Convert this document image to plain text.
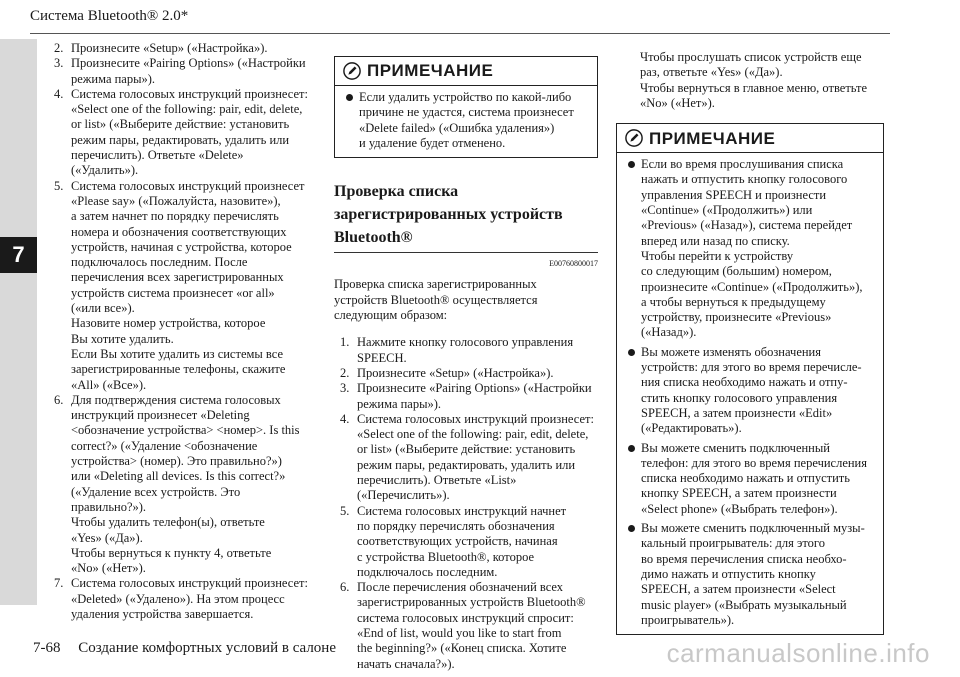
Система Bluetooth® 2.0*
7
2. Произнесите «Setup» («Настройка»).
3. Произнесите «Pairing Options» («Настройки
режима пары»).
4. Система голосовых инструкций произнесет:
«Select one of the following: pair, edit, delete,
or list» («Выберите действие: установить
режим пары, редактировать, удалить или
перечислить). Ответьте «Delete»
(«Удалить»).
5. Система голосовых инструкций произнесет
«Please say» («Пожалуйста, назовите»),
а затем начнет по порядку перечислять
номера и обозначения соответствующих
устройств, начиная с устройства, которое
подключалось последним. После
перечисления всех зарегистрированных
устройств система произнесет «or all»
(«или все»).
Назовите номер устройства, которое
Вы хотите удалить.
Если Вы хотите удалить из системы все
зарегистрированные телефоны, скажите
«All» («Все»).
6. Для подтверждения система голосовых
инструкций произнесет «Deleting
<обозначение устройства> <номер>. Is this
correct?» («Удаление <обозначение
устройства> (номер). Это правильно?»)
или «Deleting all devices. Is this correct?»
(«Удаление всех устройств. Это
правильно?»).
Чтобы удалить телефон(ы), ответьте
«Yes» («Да»).
Чтобы вернуться к пункту 4, ответьте
«No» («Нет»).
7. Система голосовых инструкций произнесет:
«Deleted» («Удалено»). На этом процесс
удаления устройства завершается.
ПРИМЕЧАНИЕ
Если удалить устройство по какой-либо
причине не удастся, система произнесет
«Delete failed» («Ошибка удаления»)
и удаление будет отменено.
Проверка списка
зарегистрированных устройств
Bluetooth®
E00760800017
Проверка списка зарегистрированных
устройств Bluetooth® осуществляется
следующим образом:
1. Нажмите кнопку голосового управления
SPEECH.
2. Произнесите «Setup» («Настройка»).
3. Произнесите «Pairing Options» («Настройки
режима пары»).
4. Система голосовых инструкций произнесет:
«Select one of the following: pair, edit, delete,
or list» («Выберите действие: установить
режим пары, редактировать, удалить или
перечислить). Ответьте «List»
(«Перечислить»).
5. Система голосовых инструкций начнет
по порядку перечислять обозначения
соответствующих устройств, начиная
с устройства Bluetooth®, которое
подключалось последним.
6. После перечисления обозначений всех
зарегистрированных устройств Bluetooth®
система голосовых инструкций спросит:
«End of list, would you like to start from
the beginning?» («Конец списка. Хотите
начать сначала?»).
Чтобы прослушать список устройств еще
раз, ответьте «Yes» («Да»).
Чтобы вернуться в главное меню, ответьте
«No» («Нет»).
ПРИМЕЧАНИЕ
Если во время прослушивания списка
нажать и отпустить кнопку голосового
управления SPEECH и произнести
«Continue» («Продолжить») или
«Previous» («Назад»), система перейдет
вперед или назад по списку.
Чтобы перейти к устройству
со следующим (большим) номером,
произнесите «Continue» («Продолжить»),
а чтобы вернуться к предыдущему
устройству, произнесите «Previous»
(«Назад»).
Вы можете изменять обозначения
устройств: для этого во время перечисле-
ния списка необходимо нажать и отпу-
стить кнопку голосового управления
SPEECH, а затем произнести «Edit»
(«Редактировать»).
Вы можете сменить подключенный
телефон: для этого во время перечисления
списка необходимо нажать и отпустить
кнопку SPEECH, а затем произнести
«Select phone» («Выбрать телефон»).
Вы можете сменить подключенный музы-
кальный проигрыватель: для этого
во время перечисления списка необхо-
димо нажать и отпустить кнопку
SPEECH, а затем произнести «Select
music player» («Выбрать музыкальный
проигрыватель»).
7-68 Создание комфортных условий в салоне	carmanualsonline.info
